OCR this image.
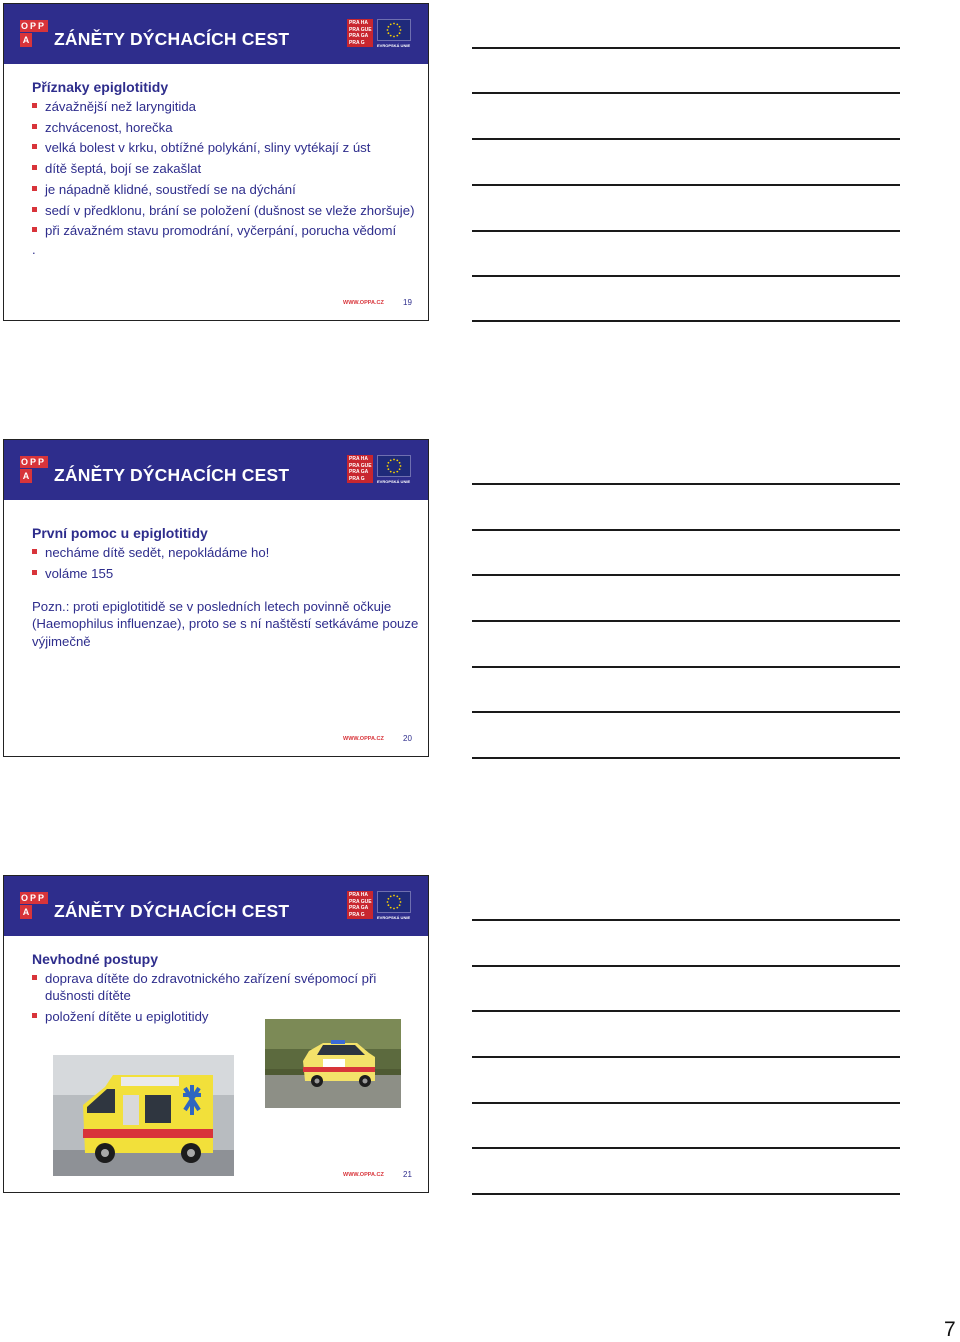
OPP
A ZÁNĚTY DÝCHACÍCH CEST
PRA HA
PRA GUE
PRA GA
PRA G	EVROPSKÁ UNIE
Příznaky epiglotitidy
závažnější než laryngitida
zchvácenost, horečka
velká bolest v krku, obtížné polykání, sliny vytékají z úst
dítě šeptá, bojí se zakašlat
je nápadně klidné, soustředí se na dýchání
sedí v předklonu, brání se položení (dušnost se vleže zhoršuje)
při závažném stavu promodrání, vyčerpání, porucha vědomí
.
WWW.OPPA.CZ 19
OPP
A ZÁNĚTY DÝCHACÍCH CEST
PRA HA
PRA GUE
PRA GA
PRA G	EVROPSKÁ UNIE
První pomoc u epiglotitidy
necháme dítě sedět, nepokládáme ho!
voláme 155
Pozn.: proti epiglotitidě se v posledních letech povinně očkuje (Haemophilus influenzae), proto se s ní naštěstí setkáváme pouze výjimečně
WWW.OPPA.CZ 20
OPP
A ZÁNĚTY DÝCHACÍCH CEST
PRA HA
PRA GUE
PRA GA
PRA G	EVROPSKÁ UNIE
Nevhodné postupy
doprava dítěte do zdravotnického zařízení svépomocí při dušnosti dítěte
položení dítěte u epiglotitidy
WWW.OPPA.CZ 21
7
